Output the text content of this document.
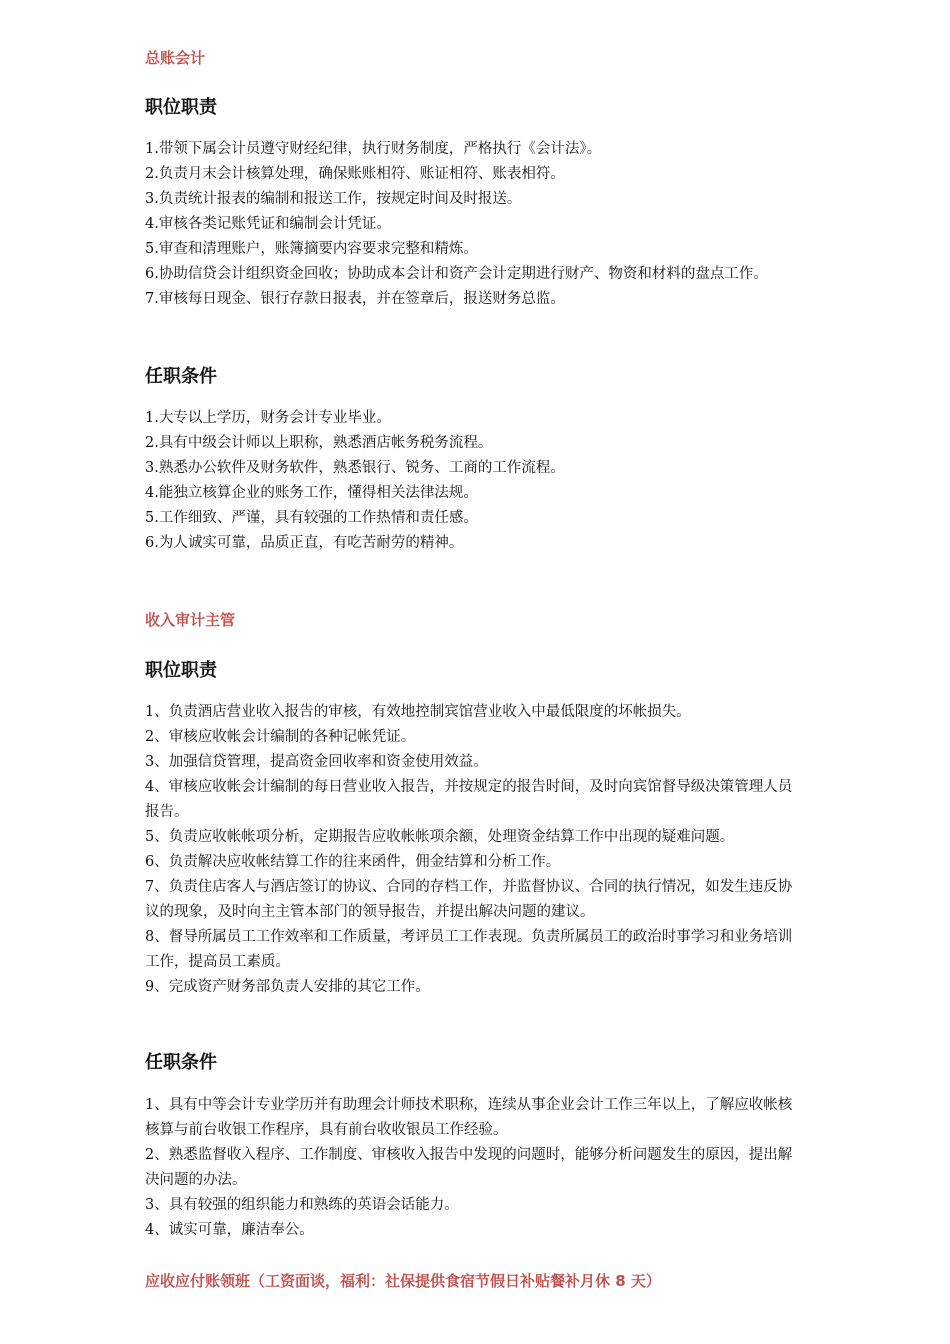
总账会计
职位职责
1.带领下属会计员遵守财经纪律，执行财务制度，严格执行《会计法》。
2.负责月末会计核算处理，确保账账相符、账证相符、账表相符。
3.负责统计报表的编制和报送工作，按规定时间及时报送。
4.审核各类记账凭证和编制会计凭证。
5.审查和清理账户，账簿摘要内容要求完整和精炼。
6.协助信贷会计组织资金回收；协助成本会计和资产会计定期进行财产、物资和材料的盘点工作。
7.审核每日现金、银行存款日报表，并在签章后，报送财务总监。
任职条件
1.大专以上学历，财务会计专业毕业。
2.具有中级会计师以上职称，熟悉酒店帐务税务流程。
3.熟悉办公软件及财务软件，熟悉银行、锐务、工商的工作流程。
4.能独立核算企业的账务工作，懂得相关法律法规。
5.工作细致、严谨，具有较强的工作热情和责任感。
6.为人诚实可靠，品质正直，有吃苦耐劳的精神。
收入审计主管
职位职责
1、负责酒店营业收入报告的审核，有效地控制宾馆营业收入中最低限度的坏帐损失。
2、审核应收帐会计编制的各种记帐凭证。
3、加强信贷管理，提高资金回收率和资金使用效益。
4、审核应收帐会计编制的每日营业收入报告，并按规定的报告时间，及时向宾馆督导级决策管理人员报告。
5、负责应收帐帐项分析，定期报告应收帐帐项余额，处理资金结算工作中出现的疑难问题。
6、负责解决应收帐结算工作的往来函件，佣金结算和分析工作。
7、负责住店客人与酒店签订的协议、合同的存档工作，并监督协议、合同的执行情况，如发生违反协议的现象，及时向主主管本部门的领导报告，并提出解决问题的建议。
8、督导所属员工工作效率和工作质量，考评员工工作表现。负责所属员工的政治时事学习和业务培训工作，提高员工素质。
9、完成资产财务部负责人安排的其它工作。
任职条件
1、具有中等会计专业学历并有助理会计师技术职称，连续从事企业会计工作三年以上，了解应收帐核核算与前台收银工作程序，具有前台收收银员工作经验。
2、熟悉监督收入程序、工作制度、审核收入报告中发现的问题时，能够分析问题发生的原因，提出解决问题的办法。
3、具有较强的组织能力和熟练的英语会话能力。
4、诚实可靠，廉洁奉公。
应收应付账领班（工资面谈，福利：社保提供食宿节假日补贴餐补月休 8 天）
